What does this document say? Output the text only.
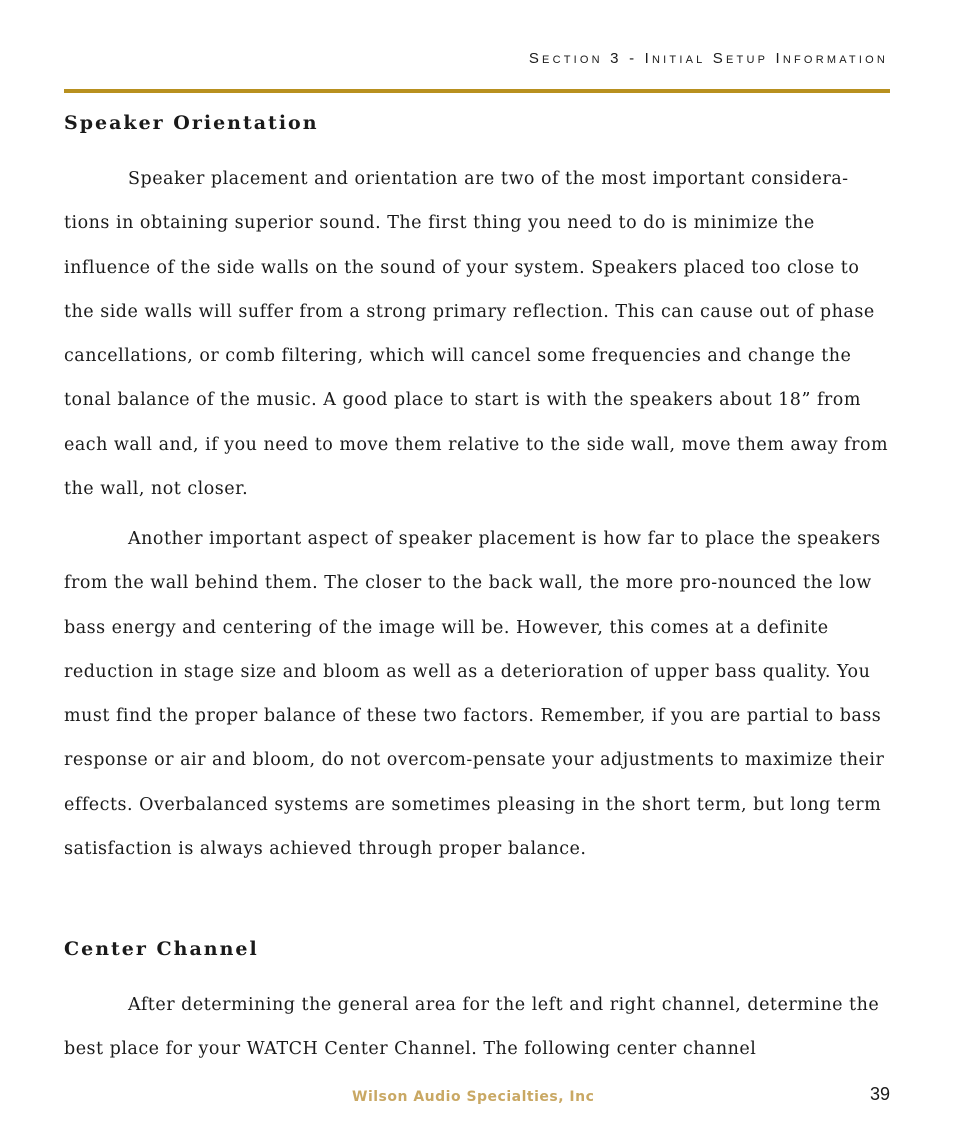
Section 3 - Initial Setup Information
Speaker Orientation

Speaker placement and orientation are two of the most important considera-tions in obtaining superior sound. The first thing you need to do is minimize the influence of the side walls on the sound of your system. Speakers placed too close to the side walls will suffer from a strong primary reflection. This can cause out of phase cancellations, or comb filtering, which will cancel some frequencies and change the tonal balance of the music. A good place to start is with the speakers about 18” from each wall and, if you need to move them relative to the side wall, move them away from the wall, not closer.

Another important aspect of speaker placement is how far to place the speakers from the wall behind them. The closer to the back wall, the more pro-nounced the low bass energy and centering of the image will be. However, this comes at a definite reduction in stage size and bloom as well as a deterioration of upper bass quality. You must find the proper balance of these two factors. Remember, if you are partial to bass response or air and bloom, do not overcom-pensate your adjustments to maximize their effects. Overbalanced systems are sometimes pleasing in the short term, but long term satisfaction is always achieved through proper balance.

Center Channel

After determining the general area for the left and right channel, determine the best place for your WATCH Center Channel. The following center channel

Wilson Audio Specialties, Inc	39
